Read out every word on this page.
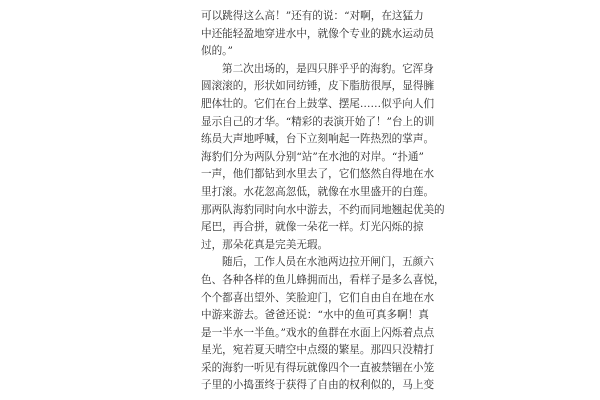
可以跳得这么高！”还有的说：“对啊，在这猛力
中还能轻盈地穿进水中，就像个专业的跳水运动员
似的。”
第二次出场的，是四只胖乎乎的海豹。它浑身
圆滚滚的，形状如同纺锤，皮下脂肪很厚，显得臃
肥体壮的。它们在台上鼓掌、摆尾……似乎向人们
显示自己的才华。“精彩的表演开始了！”台上的训
练员大声地呼喊，台下立刻响起一阵热烈的掌声。
海豹们分为两队分别“站”在水池的对岸。“扑通”
一声，他们都钻到水里去了，它们悠然自得地在水
里打滚。水花忽高忽低，就像在水里盛开的白莲。
那两队海豹同时向水中游去，不约而同地翘起优美的
尾巴，再合拼，就像一朵花一样。灯光闪烁的掠
过，那朵花真是完美无瑕。
随后，工作人员在水池两边拉开闸门，五颜六
色、各种各样的鱼儿蜂拥而出，看样子是多么喜悦，
个个都喜出望外、笑脸迎门，它们自由自在地在水
中游来游去。爸爸还说：“水中的鱼可真多啊！真
是一半水一半鱼。”戏水的鱼群在水面上闪烁着点点
星光，宛若夏天晴空中点缀的繁星。那四只没精打
采的海豹一听见有得玩就像四个一直被禁锢在小笼
子里的小捣蛋终于获得了自由的权利似的，马上变
